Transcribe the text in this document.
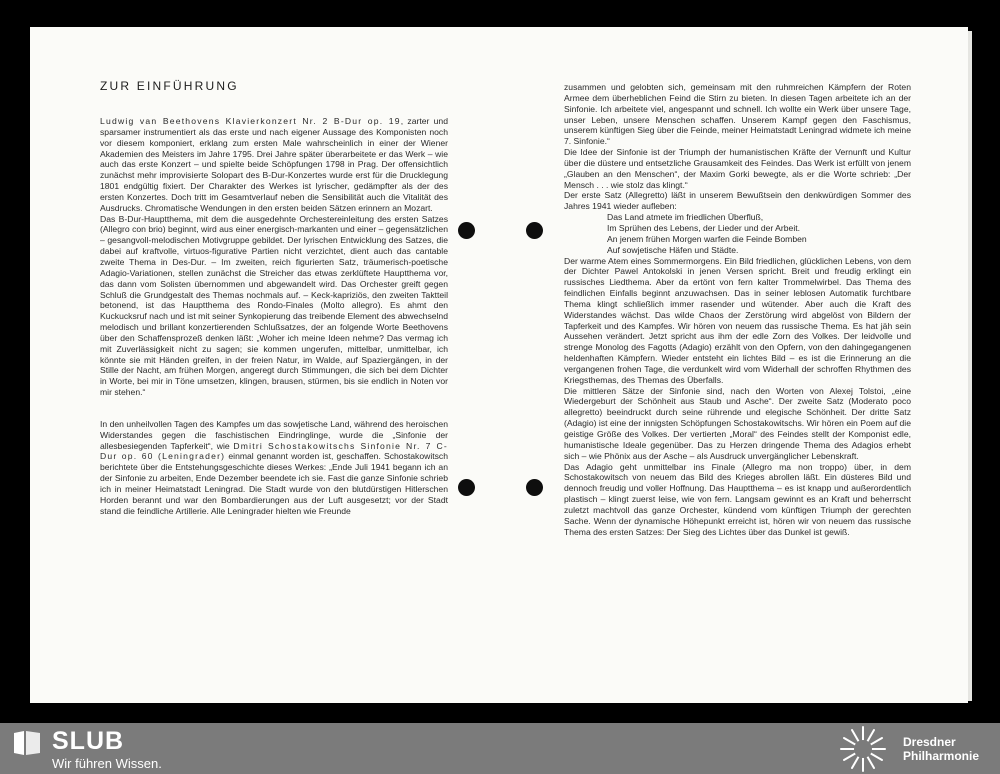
ZUR EINFÜHRUNG

Ludwig van Beethovens Klavierkonzert Nr. 2 B-Dur op. 19, zarter und sparsamer instrumentiert als das erste und nach eigener Aussage des Komponisten noch vor diesem komponiert, erklang zum ersten Male wahrscheinlich in einer der Wiener Akademien des Meisters im Jahre 1795. Drei Jahre später überarbeitete er das Werk – wie auch das erste Konzert – und spielte beide Schöpfungen 1798 in Prag. Der offensichtlich zunächst mehr improvisierte Solopart des B-Dur-Konzertes wurde erst für die Drucklegung 1801 endgültig fixiert. Der Charakter des Werkes ist lyrischer, gedämpfter als der des ersten Konzertes. Doch tritt im Gesamtverlauf neben die Sensibilität auch die Vitalität des Ausdrucks. Chromatische Wendungen in den ersten beiden Sätzen erinnern an Mozart.

Das B-Dur-Hauptthema, mit dem die ausgedehnte Orchestereinleitung des ersten Satzes (Allegro con brio) beginnt, wird aus einer energisch-markanten und einer – gegensätzlichen – gesangvoll-melodischen Motivgruppe gebildet. Der lyrischen Entwicklung des Satzes, die dabei auf kraftvolle, virtuos-figurative Partien nicht verzichtet, dient auch das cantable zweite Thema in Des-Dur. – Im zweiten, reich figurierten Satz, träumerisch-poetische Adagio-Variationen, stellen zunächst die Streicher das etwas zerklüftete Hauptthema vor, das dann vom Solisten übernommen und abgewandelt wird. Das Orchester greift gegen Schluß die Grundgestalt des Themas nochmals auf. – Keck-kapriziös, den zweiten Taktteil betonend, ist das Hauptthema des Rondo-Finales (Molto allegro). Es ahmt den Kuckucksruf nach und ist mit seiner Synkopierung das treibende Element des abwechselnd melodisch und brillant konzertierenden Schlußsatzes, der an folgende Worte Beethovens über den Schaffensprozeß denken läßt: „Woher ich meine Ideen nehme? Das vermag ich mit Zuverlässigkeit nicht zu sagen; sie kommen ungerufen, mittelbar, unmittelbar, ich könnte sie mit Händen greifen, in der freien Natur, im Walde, auf Spaziergängen, in der Stille der Nacht, am frühen Morgen, angeregt durch Stimmungen, die sich bei dem Dichter in Worte, bei mir in Töne umsetzen, klingen, brausen, stürmen, bis sie endlich in Noten vor mir stehen.“

In den unheilvollen Tagen des Kampfes um das sowjetische Land, während des heroischen Widerstandes gegen die faschistischen Eindringlinge, wurde die „Sinfonie der allesbesiegenden Tapferkeit“, wie Dmitri Schostakowitschs Sinfonie Nr. 7 C-Dur op. 60 (Leningrader) einmal genannt worden ist, geschaffen. Schostakowitsch berichtete über die Entstehungsgeschichte dieses Werkes: „Ende Juli 1941 begann ich an der Sinfonie zu arbeiten, Ende Dezember beendete ich sie. Fast die ganze Sinfonie schrieb ich in meiner Heimatstadt Leningrad. Die Stadt wurde von den blutdürstigen Hitlerschen Horden berannt und war den Bombardierungen aus der Luft ausgesetzt; vor der Stadt stand die feindliche Artillerie. Alle Leningrader hielten wie Freunde

zusammen und gelobten sich, gemeinsam mit den ruhmreichen Kämpfern der Roten Armee dem überheblichen Feind die Stirn zu bieten. In diesen Tagen arbeitete ich an der Sinfonie. Ich arbeitete viel, angespannt und schnell. Ich wollte ein Werk über unsere Tage, unser Leben, unsere Menschen schaffen. Unserem Kampf gegen den Faschismus, unserem künftigen Sieg über die Feinde, meiner Heimatstadt Leningrad widmete ich meine 7. Sinfonie.“

Die Idee der Sinfonie ist der Triumph der humanistischen Kräfte der Vernunft und Kultur über die düstere und entsetzliche Grausamkeit des Feindes. Das Werk ist erfüllt von jenem „Glauben an den Menschen“, der Maxim Gorki bewegte, als er die Worte schrieb: „Der Mensch . . . wie stolz das klingt.“

Der erste Satz (Allegretto) läßt in unserem Bewußtsein den denkwürdigen Sommer des Jahres 1941 wieder aufleben:

Das Land atmete im friedlichen Überfluß,
Im Sprühen des Lebens, der Lieder und der Arbeit.
An jenem frühen Morgen warfen die Feinde Bomben
Auf sowjetische Häfen und Städte.

Der warme Atem eines Sommermorgens. Ein Bild friedlichen, glücklichen Lebens, von dem der Dichter Pawel Antokolski in jenen Versen spricht. Breit und freudig erklingt ein russisches Liedthema. Aber da ertönt von fern kalter Trommelwirbel. Das Thema des feindlichen Einfalls beginnt anzuwachsen. Das in seiner leblosen Automatik furchtbare Thema klingt schließlich immer rasender und wütender. Aber auch die Kraft des Widerstandes wächst. Das wilde Chaos der Zerstörung wird abgelöst von Bildern der Tapferkeit und des Kampfes. Wir hören von neuem das russische Thema. Es hat jäh sein Aussehen verändert. Jetzt spricht aus ihm der edle Zorn des Volkes. Der leidvolle und strenge Monolog des Fagotts (Adagio) erzählt von den Opfern, von den dahingegangenen heldenhaften Kämpfern. Wieder entsteht ein lichtes Bild – es ist die Erinnerung an die vergangenen frohen Tage, die verdunkelt wird vom Widerhall der schroffen Rhythmen des Kriegsthemas, des Themas des Überfalls.

Die mittleren Sätze der Sinfonie sind, nach den Worten von Alexej Tolstoi, „eine Wiedergeburt der Schönheit aus Staub und Asche“. Der zweite Satz (Moderato poco allegretto) beeindruckt durch seine rührende und elegische Schönheit. Der dritte Satz (Adagio) ist eine der innigsten Schöpfungen Schostakowitschs. Wir hören ein Poem auf die geistige Größe des Volkes. Der vertierten „Moral“ des Feindes stellt der Komponist edle, humanistische Ideale gegenüber. Das zu Herzen dringende Thema des Adagios erhebt sich – wie Phönix aus der Asche – als Ausdruck unvergänglicher Lebenskraft.

Das Adagio geht unmittelbar ins Finale (Allegro ma non troppo) über, in dem Schostakowitsch von neuem das Bild des Krieges abrollen läßt. Ein düsteres Bild und dennoch freudig und voller Hoffnung. Das Hauptthema – es ist knapp und außerordentlich plastisch – klingt zuerst leise, wie von fern. Langsam gewinnt es an Kraft und beherrscht zuletzt machtvoll das ganze Orchester, kündend vom künftigen Triumph der gerechten Sache. Wenn der dynamische Höhepunkt erreicht ist, hören wir von neuem das russische Thema des ersten Satzes: Der Sieg des Lichtes über das Dunkel ist gewiß.

SLUB
Wir führen Wissen.
Dresdner
Philharmonie
